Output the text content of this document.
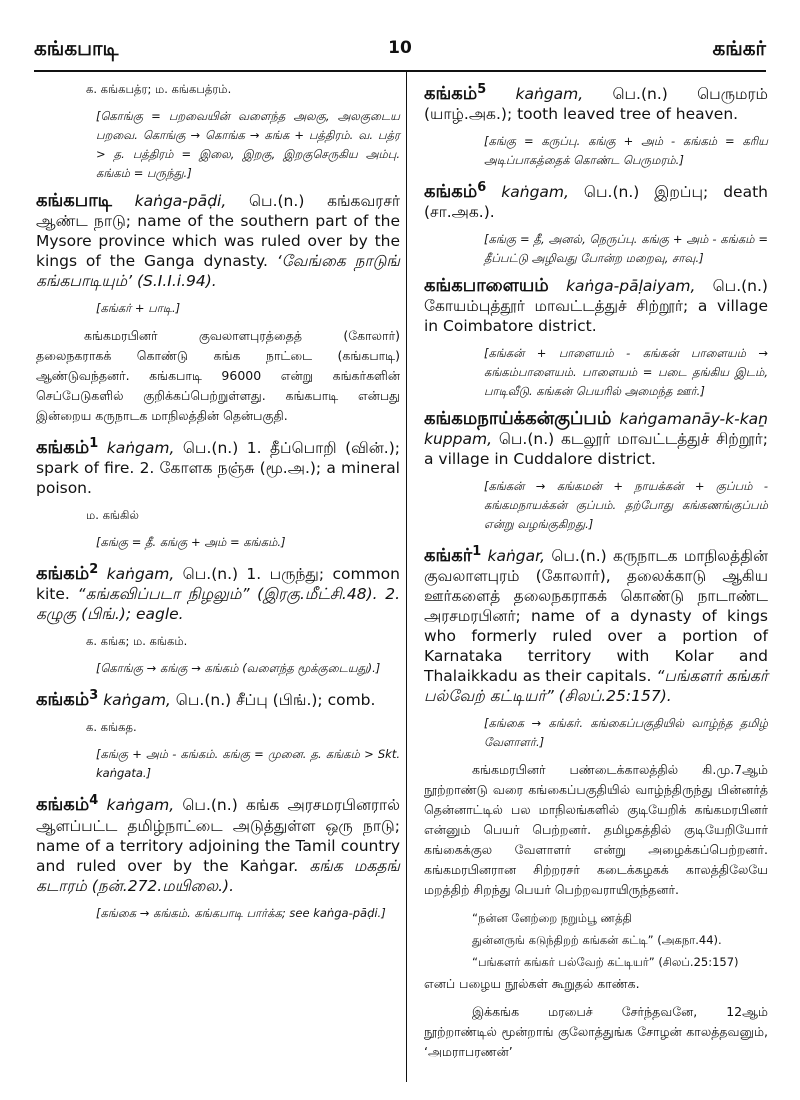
கங்கபாடி	10	கங்கர்
க. கங்கபத்ர; ம. கங்கபத்ரம்.
[கொங்கு = பறவையின் வளைந்த அலகு, அலகுடைய பறவை. கொங்கு → கொங்க → கங்க + பத்திரம். வ. பத்ர > த. பத்திரம் = இலை, இறகு, இறகுசெருகிய அம்பு. கங்கம் = பருந்து.]
கங்கபாடி kaṅga-pāḍi, பெ.(n.) கங்கவரசர் ஆண்ட நாடு; name of the southern part of the Mysore province which was ruled over by the kings of the Ganga dynasty. ‘வேங்கை நாடுங் கங்கபாடியும்’ (S.I.I.i.94).
[கங்கர் + பாடி.]
கங்கமரபினர் குவலாளபுரத்தைத் (கோலார்) தலைநகராகக் கொண்டு கங்க நாட்டை (கங்கபாடி) ஆண்டுவந்தனர். கங்கபாடி 96000 என்று கங்கர்களின் செப்பேடுகளில் குறிக்கப்பெற்றுள்ளது. கங்கபாடி என்பது இன்றைய கருநாடக மாநிலத்தின் தென்பகுதி.
கங்கம்$^1$ kaṅgam, பெ.(n.) 1. தீப்பொறி (வின்.); spark of fire. 2. கோளக நஞ்சு (மூ.அ.); a mineral poison.
ம. கங்கில்
[கங்கு = தீ. கங்கு + அம் = கங்கம்.]
கங்கம்$^2$ kaṅgam, பெ.(n.) 1. பருந்து; common kite. “கங்கவிப்படா நிழலும்” (இரகு.மீட்சி.48). 2. கழுகு (பிங்.); eagle.
க. கங்க; ம. கங்கம்.
[கொங்கு → கங்கு → கங்கம் (வளைந்த மூக்குடையது).]
கங்கம்$^3$ kaṅgam, பெ.(n.) சீப்பு (பிங்.); comb.
க. கங்கத.
[கங்கு + அம் - கங்கம். கங்கு = முனை. த. கங்கம் > Skt. kaṅgata.]
கங்கம்$^4$ kaṅgam, பெ.(n.) கங்க அரசமரபினரால் ஆளப்பட்ட தமிழ்நாட்டை அடுத்துள்ள ஒரு நாடு; name of a territory adjoining the Tamil country and ruled over by the Kaṅgar. கங்க மகதங் கடாரம் (நன்.272.மயிலை.).
[கங்கை → கங்கம். கங்கபாடி பார்க்க; see kaṅga-pāḍi.]
கங்கம்$^5$ kaṅgam, பெ.(n.) பெருமரம் (யாழ்.அக.); tooth leaved tree of heaven.
[கங்கு = கருப்பு. கங்கு + அம் - கங்கம் = கரிய அடிப்பாகத்தைக் கொண்ட பெருமரம்.]
கங்கம்$^6$ kaṅgam, பெ.(n.) இறப்பு; death (சா.அக.).
[கங்கு = தீ, அனல், நெருப்பு. கங்கு + அம் - கங்கம் = தீப்பட்டு அழிவது போன்ற மறைவு, சாவு.]
கங்கபாளையம் kaṅga-pāḷaiyam, பெ.(n.) கோயம்புத்தூர் மாவட்டத்துச் சிற்றூர்; a village in Coimbatore district.
[கங்கன் + பாளையம் - கங்கன் பாளையம் → கங்கம்பாளையம். பாளையம் = படை தங்கிய இடம், பாடிவீடு. கங்கன் பெயரில் அமைந்த ஊர்.]
கங்கமநாய்க்கன்குப்பம் kaṅgamanāy-k-kaṉ kuppam, பெ.(n.) கடலூர் மாவட்டத்துச் சிற்றூர்; a village in Cuddalore district.
[கங்கன் → கங்கமன் + நாயக்கன் + குப்பம் - கங்கமநாயக்கன் குப்பம். தற்போது கங்கணங்குப்பம் என்று வழங்குகிறது.]
கங்கர்$^1$ kaṅgar, பெ.(n.) கருநாடக மாநிலத்தின் குவலாளபுரம் (கோலார்), தலைக்காடு ஆகிய ஊர்களைத் தலைநகராகக் கொண்டு நாடாண்ட அரசமரபினர்; name of a dynasty of kings who formerly ruled over a portion of Karnataka territory with Kolar and Thalaikkadu as their capitals. “பங்களர் கங்கர் பல்வேற் கட்டியர்” (சிலப்.25:157).
[கங்கை → கங்கர். கங்கைப்பகுதியில் வாழ்ந்த தமிழ் வேளாளர்.]
கங்கமரபினர் பண்டைக்காலத்தில் கி.மு.7ஆம் நூற்றாண்டு வரை கங்கைப்பகுதியில் வாழ்ந்திருந்து பின்னர்த் தென்னாட்டில் பல மாநிலங்களில் குடியேறிக் கங்கமரபினர் என்னும் பெயர் பெற்றனர். தமிழகத்தில் குடியேறியோர் கங்கைக்குல வேளாளர் என்று அழைக்கப்பெற்றனர். கங்கமரபினரான சிற்றரசர் கடைக்கழகக் காலத்திலேயே மறத்திற் சிறந்து பெயர் பெற்றவராயிருந்தனர்.
“நன்ன னேற்றை நறும்பூ ணத்தி
துன்னருங் கடுந்திறற் கங்கன் கட்டி” (அகநா.44).
“பங்களர் கங்கர் பல்வேற் கட்டியர்” (சிலப்.25:157)
எனப் பழைய நூல்கள் கூறுதல் காண்க.
இக்கங்க மரபைச் சேர்ந்தவனே, 12ஆம் நூற்றாண்டில் மூன்றாங் குலோத்துங்க சோழன் காலத்தவனும், ‘அமராபரணன்’
